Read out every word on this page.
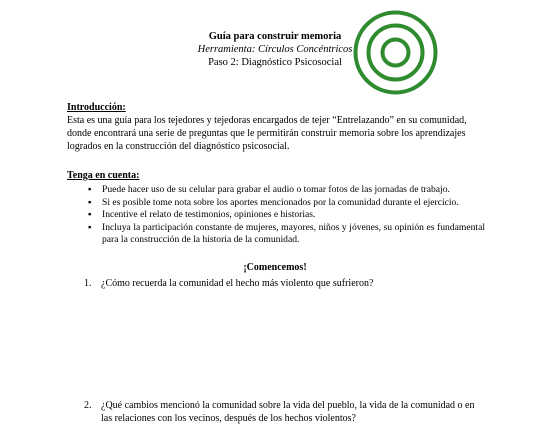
Guía para construir memoria
Herramienta: Círculos Concéntricos
Paso 2: Diagnóstico Psicosocial
Introducción:
Esta es una guía para los tejedores y tejedoras encargados de tejer “Entrelazando” en su comunidad, donde encontrará una serie de preguntas que le permitirán construir memoria sobre los aprendizajes logrados en la construcción del diagnóstico psicosocial.
Tenga en cuenta:
▪ Puede hacer uso de su celular para grabar el audio o tomar fotos de las jornadas de trabajo.
▪ Si es posible tome nota sobre los aportes mencionados por la comunidad durante el ejercicio.
▪ Incentive el relato de testimonios, opiniones e historias.
▪ Incluya la participación constante de mujeres, mayores, niños y jóvenes, su opinión es fundamental para la construcción de la historia de la comunidad.
¡Comencemos!
1. ¿Cómo recuerda la comunidad el hecho más violento que sufrieron?
2. ¿Qué cambios mencionó la comunidad sobre la vida del pueblo, la vida de la comunidad o en las relaciones con los vecinos, después de los hechos violentos?
